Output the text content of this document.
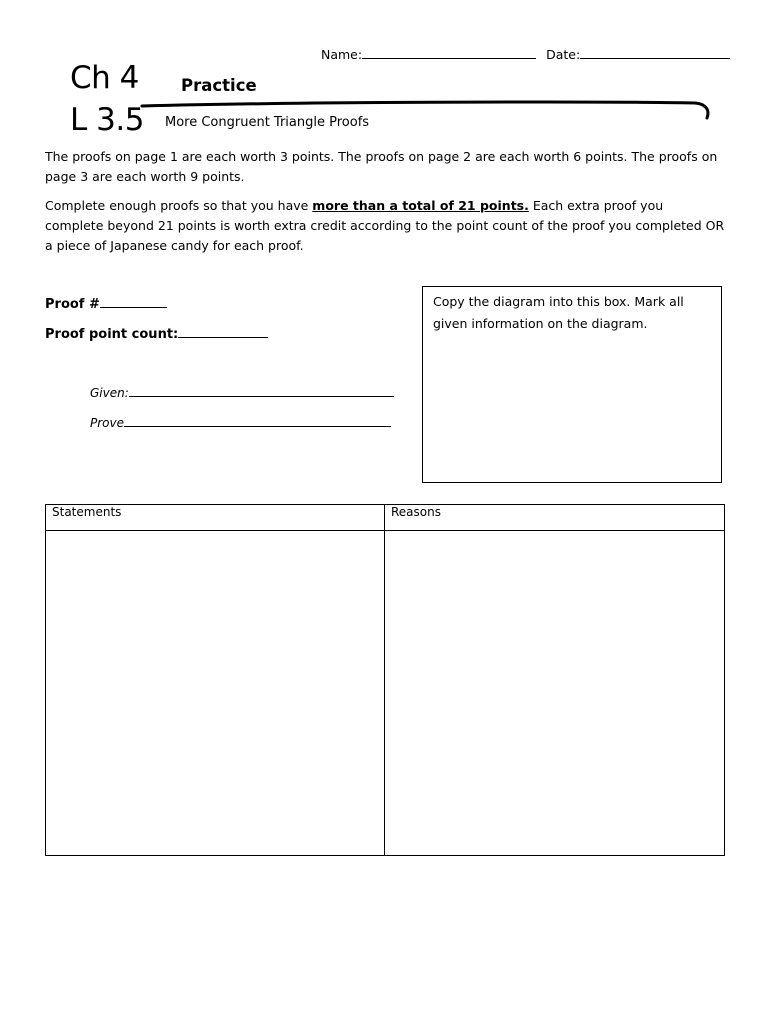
Name:	Date:
Ch 4
L 3.5
Practice
More Congruent Triangle Proofs
The proofs on page 1 are each worth 3 points. The proofs on page 2 are each worth 6 points. The proofs on page 3 are each worth 9 points.
Complete enough proofs so that you have more than a total of 21 points. Each extra proof you complete beyond 21 points is worth extra credit according to the point count of the proof you completed OR a piece of Japanese candy for each proof.
Proof #
Proof point count:
Given:
Prove
Copy the diagram into this box. Mark all given information on the diagram.
Statements	Reasons
